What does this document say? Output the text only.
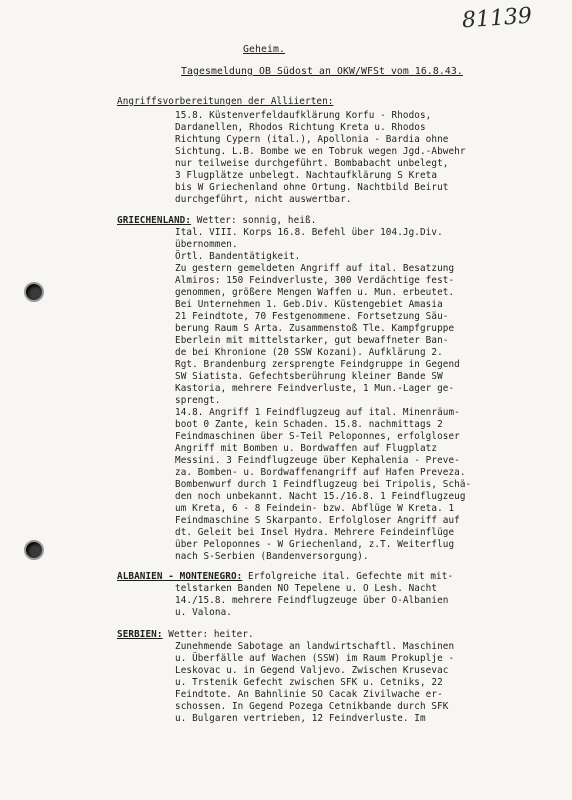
81139

Geheim.

Tagesmeldung OB Südost an OKW/WFSt vom 16.8.43.

Angriffsvorbereitungen der Alliierten:

15.8. Küstenverfeldaufklärung Korfu - Rhodos,

Dardanellen, Rhodos Richtung Kreta u. Rhodos

Richtung Cypern (ital.), Apollonia - Bardia ohne

Sichtung. L.B. Bombe we en Tobruk wegen Jgd.-Abwehr

nur teilweise durchgeführt. Bombabacht unbelegt,

3 Flugplätze unbelegt. Nachtaufklärung S Kreta

bis W Griechenland ohne Ortung. Nachtbild Beirut

durchgeführt, nicht auswertbar.

GRIECHENLAND: Wetter: sonnig, heiß.

Ital. VIII. Korps 16.8. Befehl über 104.Jg.Div.

übernommen.

Örtl. Bandentätigkeit.

Zu gestern gemeldeten Angriff auf ital. Besatzung

Almiros: 150 Feindverluste, 300 Verdächtige fest-

genommen, größere Mengen Waffen u. Mun. erbeutet.

Bei Unternehmen 1. Geb.Div. Küstengebiet Amasia

21 Feindtote, 70 Festgenommene. Fortsetzung Säu-

berung Raum S Arta. Zusammenstoß Tle. Kampfgruppe

Eberlein mit mittelstarker, gut bewaffneter Ban-

de bei Khronione (20 SSW Kozani). Aufklärung 2.

Rgt. Brandenburg zersprengte Feindgruppe in Gegend

SW Siatista. Gefechtsberührung kleiner Bande SW

Kastoria, mehrere Feindverluste, 1 Mun.-Lager ge-

sprengt.

14.8. Angriff 1 Feindflugzeug auf ital. Minenräum-

boot 0 Zante, kein Schaden. 15.8. nachmittags 2

Feindmaschinen über S-Teil Peloponnes, erfolgloser

Angriff mit Bomben u. Bordwaffen auf Flugplatz

Messini. 3 Feindflugzeuge über Kephalenia - Preve-

za. Bomben- u. Bordwaffenangriff auf Hafen Preveza.

Bombenwurf durch 1 Feindflugzeug bei Tripolis, Schä-

den noch unbekannt. Nacht 15./16.8. 1 Feindflugzeug

um Kreta, 6 - 8 Feindein- bzw. Abflüge W Kreta. 1

Feindmaschine S Skarpanto. Erfolgloser Angriff auf

dt. Geleit bei Insel Hydra. Mehrere Feindeinflüge

über Peloponnes - W Griechenland, z.T. Weiterflug

nach S-Serbien (Bandenversorgung).

ALBANIEN - MONTENEGRO: Erfolgreiche ital. Gefechte mit mit-

telstarken Banden NO Tepelene u. O Lesh. Nacht

14./15.8. mehrere Feindflugzeuge über O-Albanien

u. Valona.

SERBIEN: Wetter: heiter.

Zunehmende Sabotage an landwirtschaftl. Maschinen

u. Überfälle auf Wachen (SSW) im Raum Prokuplje -

Leskovac u. in Gegend Valjevo. Zwischen Krusevac

u. Trstenik Gefecht zwischen SFK u. Cetniks, 22

Feindtote. An Bahnlinie SO Cacak Zivilwache er-

schossen. In Gegend Pozega Cetnikbande durch SFK

u. Bulgaren vertrieben, 12 Feindverluste. Im
